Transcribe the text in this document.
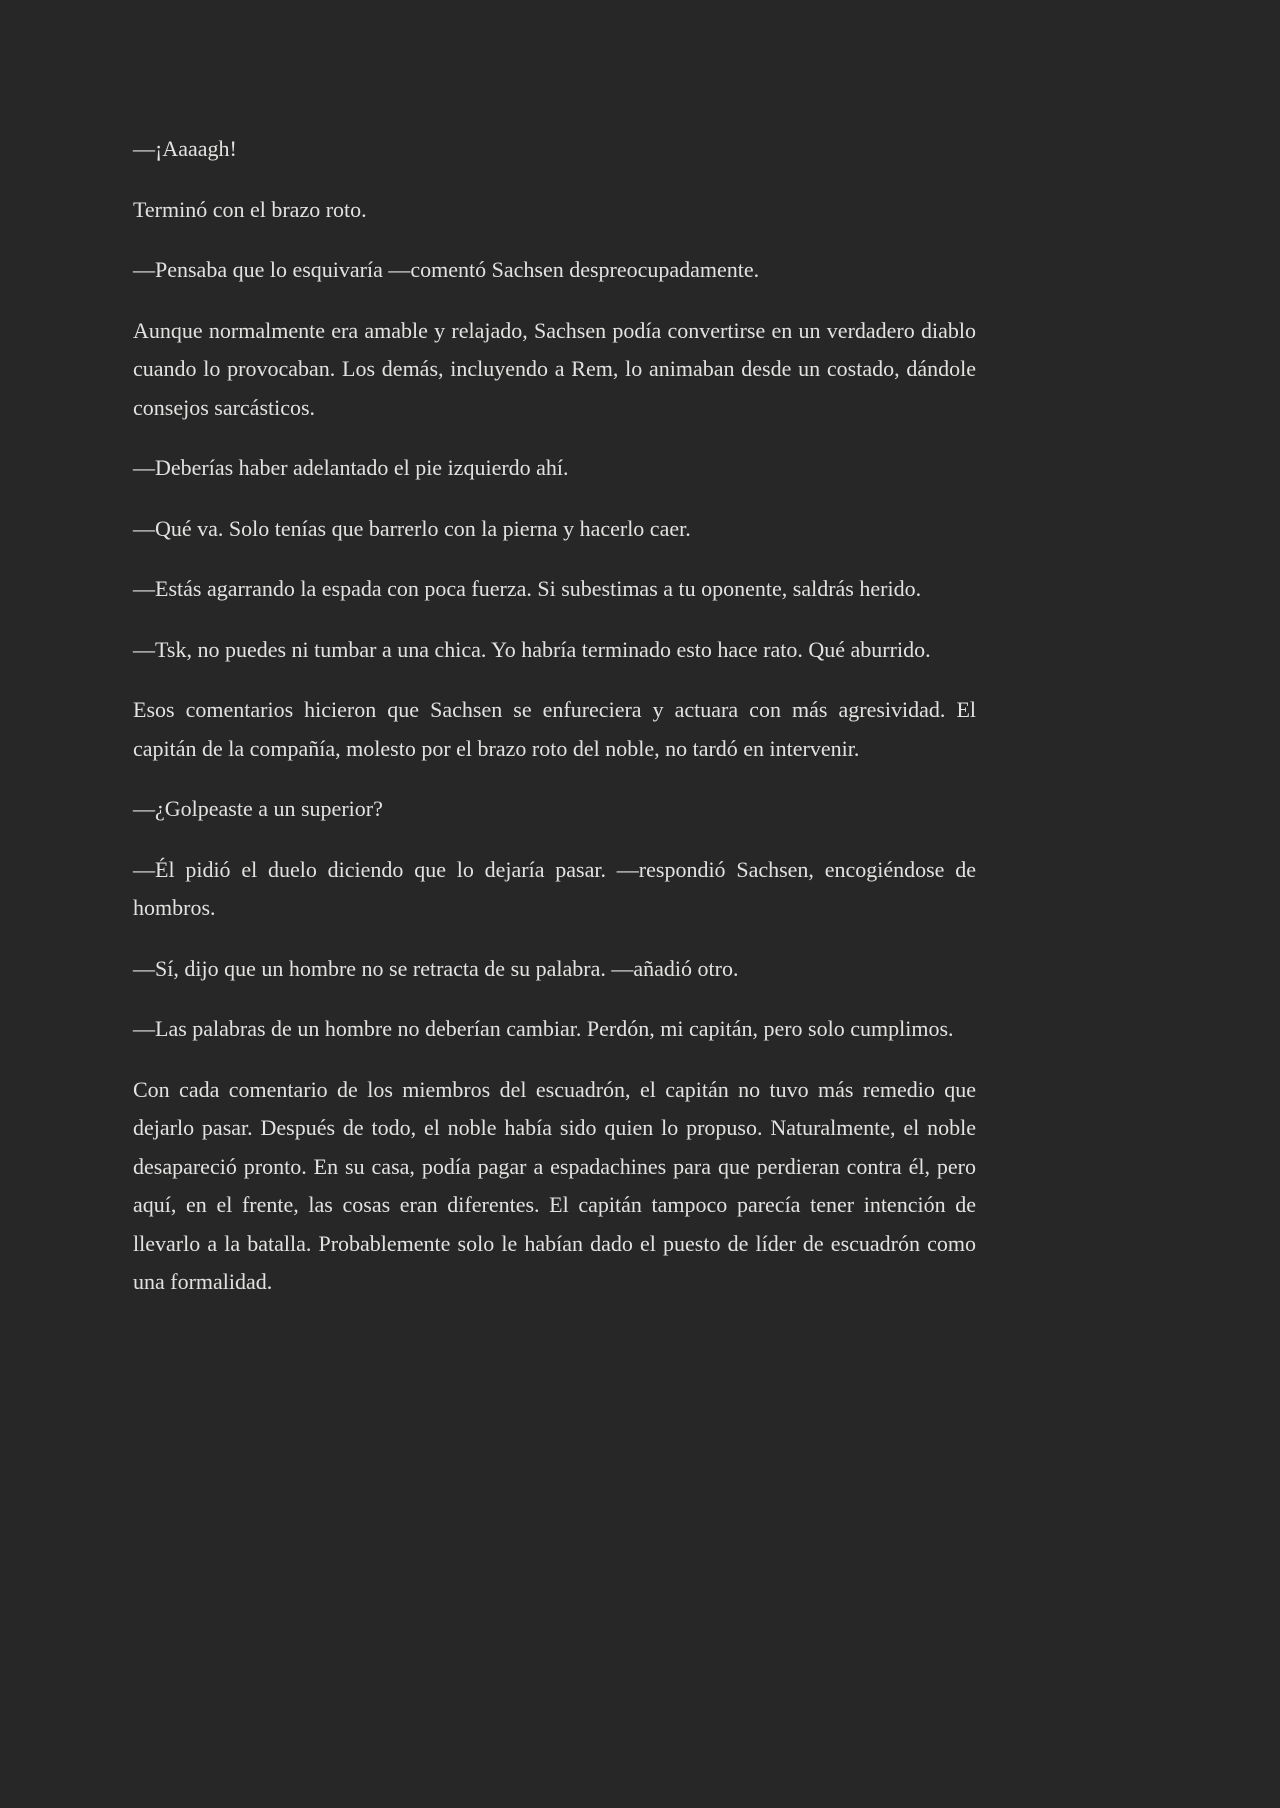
—¡Aaaagh!

Terminó con el brazo roto.

—Pensaba que lo esquivaría —comentó Sachsen despreocupadamente.

Aunque normalmente era amable y relajado, Sachsen podía convertirse en un verdadero diablo cuando lo provocaban. Los demás, incluyendo a Rem, lo animaban desde un costado, dándole consejos sarcásticos.

—Deberías haber adelantado el pie izquierdo ahí.

—Qué va. Solo tenías que barrerlo con la pierna y hacerlo caer.

—Estás agarrando la espada con poca fuerza. Si subestimas a tu oponente, saldrás herido.

—Tsk, no puedes ni tumbar a una chica. Yo habría terminado esto hace rato. Qué aburrido.

Esos comentarios hicieron que Sachsen se enfureciera y actuara con más agresividad. El capitán de la compañía, molesto por el brazo roto del noble, no tardó en intervenir.

—¿Golpeaste a un superior?

—Él pidió el duelo diciendo que lo dejaría pasar. —respondió Sachsen, encogiéndose de hombros.

—Sí, dijo que un hombre no se retracta de su palabra. —añadió otro.

—Las palabras de un hombre no deberían cambiar. Perdón, mi capitán, pero solo cumplimos.

Con cada comentario de los miembros del escuadrón, el capitán no tuvo más remedio que dejarlo pasar. Después de todo, el noble había sido quien lo propuso. Naturalmente, el noble desapareció pronto. En su casa, podía pagar a espadachines para que perdieran contra él, pero aquí, en el frente, las cosas eran diferentes. El capitán tampoco parecía tener intención de llevarlo a la batalla. Probablemente solo le habían dado el puesto de líder de escuadrón como una formalidad.
